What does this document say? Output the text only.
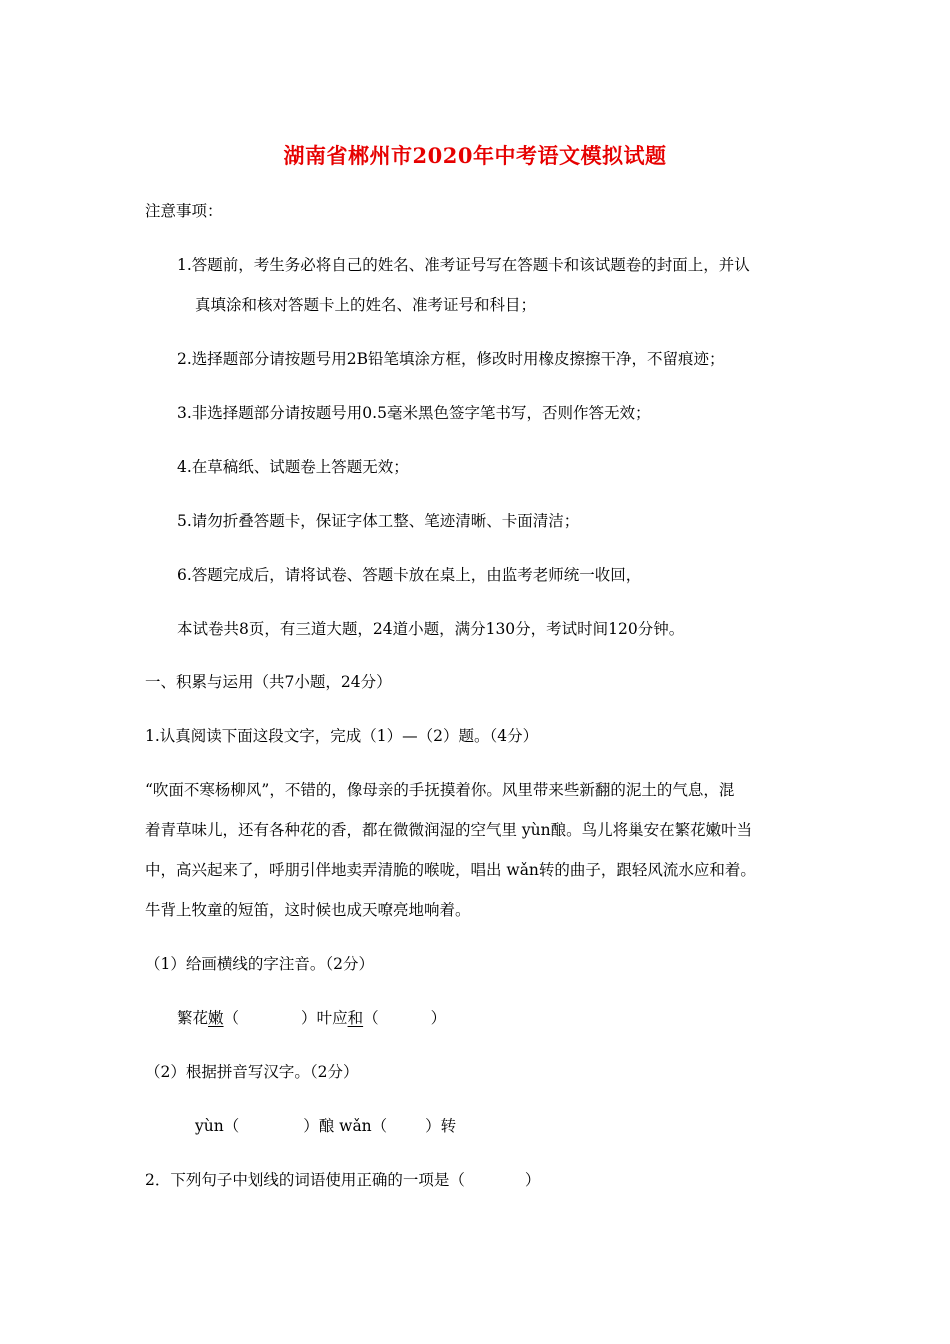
湖南省郴州市2020年中考语文模拟试题
注意事项：
1.答题前，考生务必将自己的姓名、准考证号写在答题卡和该试题卷的封面上，并认
真填涂和核对答题卡上的姓名、准考证号和科目；
2.选择题部分请按题号用2B铅笔填涂方框，修改时用橡皮擦擦干净，不留痕迹；
3.非选择题部分请按题号用0.5毫米黑色签字笔书写，否则作答无效；
4.在草稿纸、试题卷上答题无效；
5.请勿折叠答题卡，保证字体工整、笔迹清晰、卡面清洁；
6.答题完成后，请将试卷、答题卡放在桌上，由监考老师统一收回，
本试卷共8页，有三道大题，24道小题，满分130分，考试时间120分钟。
一、积累与运用（共7小题，24分）
1.认真阅读下面这段文字，完成（1）—（2）题。（4分）
“吹面不寒杨柳风”，不错的，像母亲的手抚摸着你。风里带来些新翻的泥土的气息，混
着青草味儿，还有各种花的香，都在微微润湿的空气里 yùn酿。鸟儿将巢安在繁花嫩叶当
中，高兴起来了，呼朋引伴地卖弄清脆的喉咙，唱出 wǎn转的曲子，跟轻风流水应和着。
牛背上牧童的短笛，这时候也成天嘹亮地响着。
（1）给画横线的字注音。（2分）
繁花嫩（	）叶应和（	）
（2）根据拼音写汉字。（2分）
yùn（	）酿 wǎn（ ）转
2．下列句子中划线的词语使用正确的一项是（	）
